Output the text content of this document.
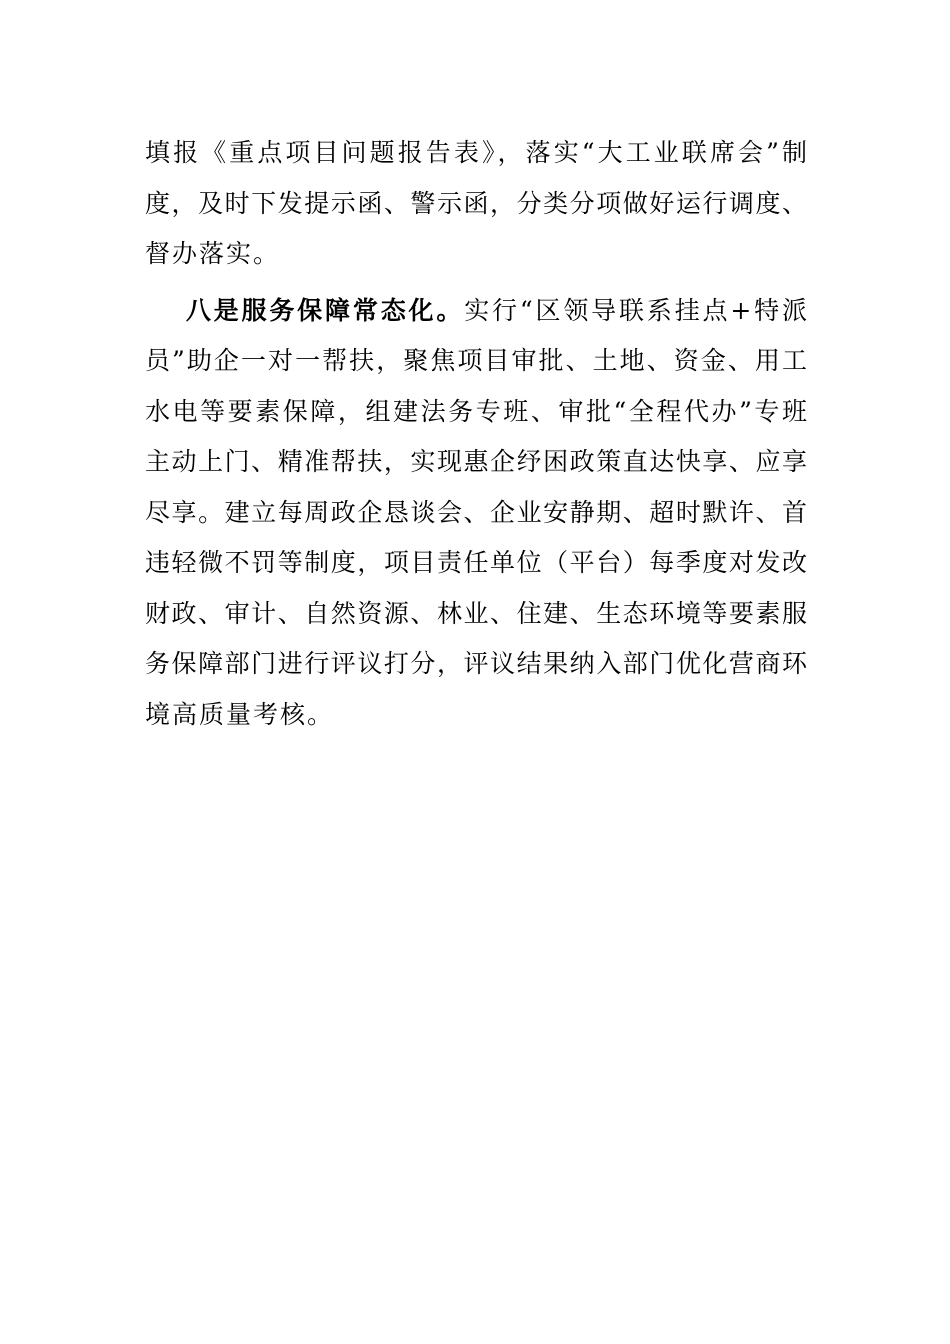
填报《重点项目问题报告表》，落实“大工业联席会”制
度，及时下发提示函、警示函，分类分项做好运行调度、
督办落实。
八是服务保障常态化。实行“区领导联系挂点+特派
员”助企一对一帮扶，聚焦项目审批、土地、资金、用工
水电等要素保障，组建法务专班、审批“全程代办”专班
主动上门、精准帮扶，实现惠企纾困政策直达快享、应享
尽享。建立每周政企恳谈会、企业安静期、超时默许、首
违轻微不罚等制度，项目责任单位（平台）每季度对发改
财政、审计、自然资源、林业、住建、生态环境等要素服
务保障部门进行评议打分，评议结果纳入部门优化营商环
境高质量考核。
